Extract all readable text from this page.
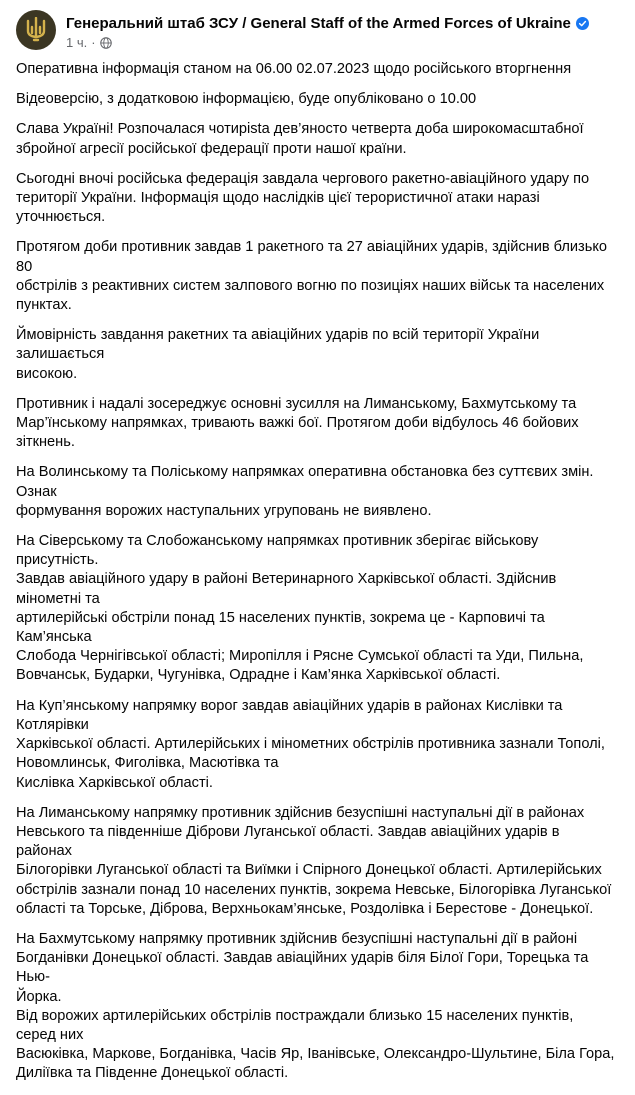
Генеральний штаб ЗСУ / General Staff of the Armed Forces of Ukraine
1 ч. ·

Оперативна інформація станом на 06.00 02.07.2023 щодо російського вторгнення

Відеоверсію, з додатковою інформацією, буде опубліковано о 10.00

Слава Україні! Розпочалася чотирista дев’яносто четверта доба широкомасштабної
збройної агресії російської федерації проти нашої країни.

Сьогодні вночі російська федерація завдала чергового ракетно-авіаційного удару по
території України. Інформація щодо наслідків цієї терористичної атаки наразі уточнюється.

Протягом доби противник завдав 1 ракетного та 27 авіаційних ударів, здійснив близько 80
обстрілів з реактивних систем залпового вогню по позиціях наших військ та населених
пунктах.

Ймовірність завдання ракетних та авіаційних ударів по всій території України залишається
високою.

Противник і надалі зосереджує основні зусилля на Лиманському, Бахмутському та
Мар’їнському напрямках, тривають важкі бої. Протягом доби відбулось 46 бойових зіткнень.

На Волинському та Поліському напрямках оперативна обстановка без суттєвих змін. Ознак
формування ворожих наступальних угруповань не виявлено.

На Сіверському та Слобожанському напрямках противник зберігає військову присутність.
Завдав авіаційного удару в районі Ветеринарного Харківської області. Здійснив мінометні та
артилерійські обстріли понад 15 населених пунктів, зокрема це - Карповичі та Кам’янська
Слобода Чернігівської області; Миропілля і Рясне Сумської області та Уди, Пильна,
Вовчанськ, Бударки, Чугунівка, Одрадне і Кам’янка Харківської області.

На Куп’янському напрямку ворог завдав авіаційних ударів в районах Кислівки та Котлярівки
Харківської області. Артилерійських і мінометних обстрілів противника зазнали Тополі,
Новомлинськ, Фиголівка, Масютівка та
Кислівка Харківської області.

На Лиманському напрямку противник здійснив безуспішні наступальні дії в районах
Невського та південніше Діброви Луганської області. Завдав авіаційних ударів в районах
Білогорівки Луганської області та Виїмки і Спірного Донецької області. Артилерійських
обстрілів зазнали понад 10 населених пунктів, зокрема Невське, Білогорівка Луганської
області та Торське, Діброва, Верхньокам’янське, Роздолівка і Берестове - Донецької.

На Бахмутському напрямку противник здійснив безуспішні наступальні дії в районі
Богданівки Донецької області. Завдав авіаційних ударів біля Білої Гори, Торецька та Нью-
Йорка.
Від ворожих артилерійських обстрілів постраждали близько 15 населених пунктів, серед них
Васюківка, Маркове, Богданівка, Часів Яр, Іванівське, Олександро-Шультине, Біла Гора,
Диліївка та Південне Донецької області.
